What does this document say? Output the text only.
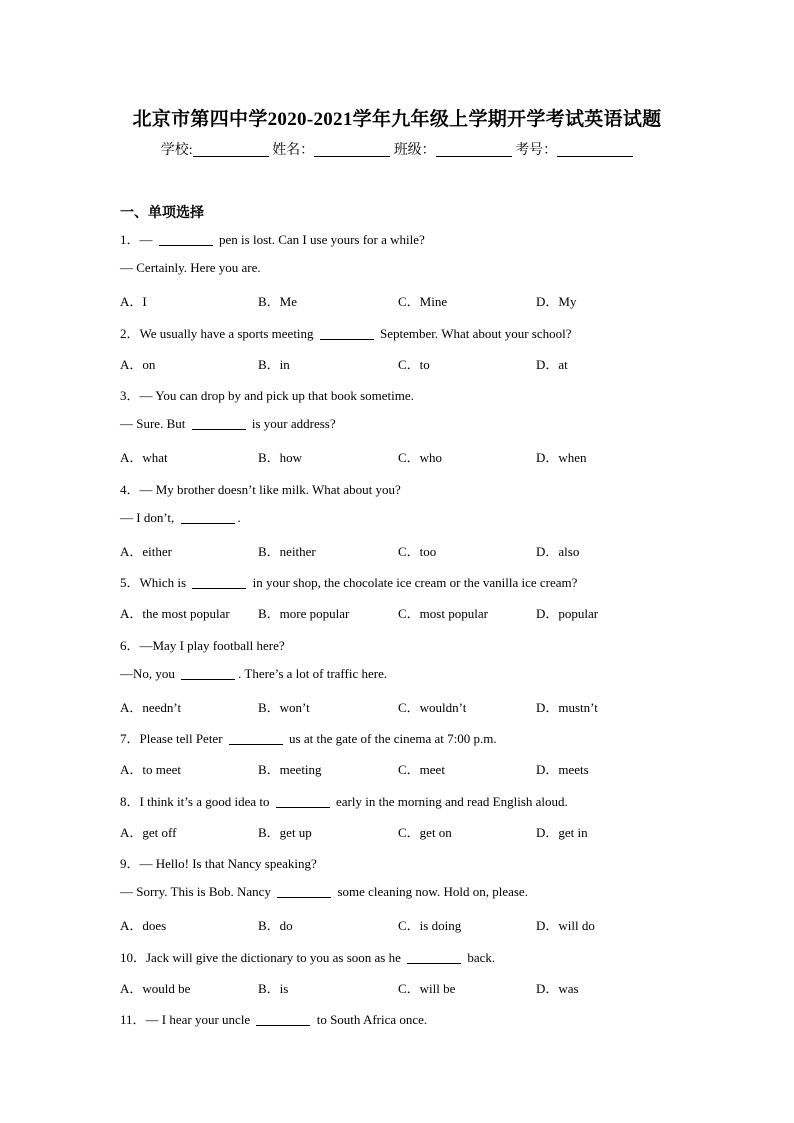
北京市第四中学2020-2021学年九年级上学期开学考试英语试题
学校:	姓名：	班级：	考号：
一、单项选择
1．—	pen is lost. Can I use yours for a while?
— Certainly. Here you are.
A．I	B．Me	C．Mine	D．My
2．We usually have a sports meeting	September. What about your school?
A．on	B．in	C．to	D．at
3．— You can drop by and pick up that book sometime.
— Sure. But	is your address?
A．what	B．how	C．who	D．when
4．— My brother doesn’t like milk. What about you?
— I don’t,	.
A．either	B．neither	C．too	D．also
5．Which is	in your shop, the chocolate ice cream or the vanilla ice cream?
A．the most popular B．more popular	C．most popular	D．popular
6．—May I play football here?
—No, you	. There’s a lot of traffic here.
A．needn’t	B．won’t	C．wouldn’t	D．mustn’t
7．Please tell Peter	us at the gate of the cinema at 7:00 p.m.
A．to meet	B．meeting	C．meet	D．meets
8．I think it’s a good idea to	early in the morning and read English aloud.
A．get off	B．get up	C．get on	D．get in
9．— Hello! Is that Nancy speaking?
— Sorry. This is Bob. Nancy	some cleaning now. Hold on, please.
A．does	B．do	C．is doing	D．will do
10．Jack will give the dictionary to you as soon as he	back.
A．would be	B．is	C．will be	D．was
11．— I hear your uncle	to South Africa once.
